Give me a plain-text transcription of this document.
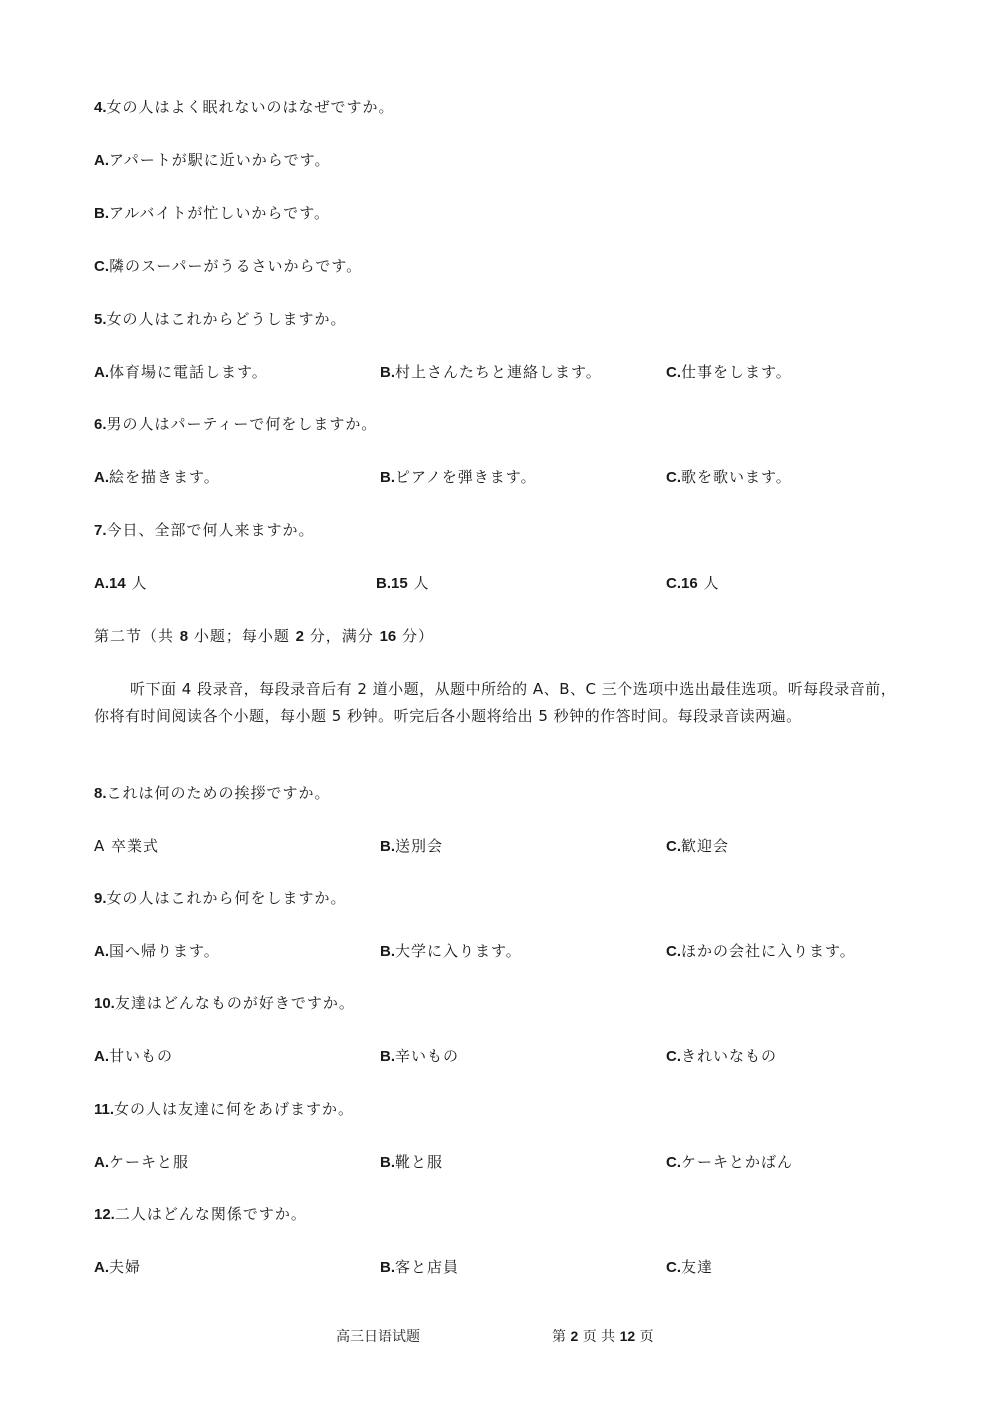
4.女の人はよく眠れないのはなぜですか。
A.アパートが駅に近いからです。
B.アルバイトが忙しいからです。
C.隣のスーパーがうるさいからです。
5.女の人はこれからどうしますか。
A.体育場に電話します。	B.村上さんたちと連絡します。	C.仕事をします。
6.男の人はパーティーで何をしますか。
A.絵を描きます。	B.ピアノを弾きます。	C.歌を歌います。
7.今日、全部で何人来ますか。
A.14 人	B.15 人	C.16 人
第二节（共 8 小题；每小题 2 分，满分 16 分）
听下面 4 段录音，每段录音后有 2 道小题，从题中所给的 A、B、C 三个选项中选出最佳选项。听每段录音前，你将有时间阅读各个小题，每小题 5 秒钟。听完后各小题将给出 5 秒钟的作答时间。每段录音读两遍。
8.これは何のための挨拶ですか。
A 卒業式	B.送別会	C.歓迎会
9.女の人はこれから何をしますか。
A.国へ帰ります。	B.大学に入ります。	C.ほかの会社に入ります。
10.友達はどんなものが好きですか。
A.甘いもの	B.辛いもの	C.きれいなもの
11.女の人は友達に何をあげますか。
A.ケーキと服	B.靴と服	C.ケーキとかばん
12.二人はどんな関係ですか。
A.夫婦	B.客と店員	C.友達
高三日语试题	第 2 页 共 12 页
